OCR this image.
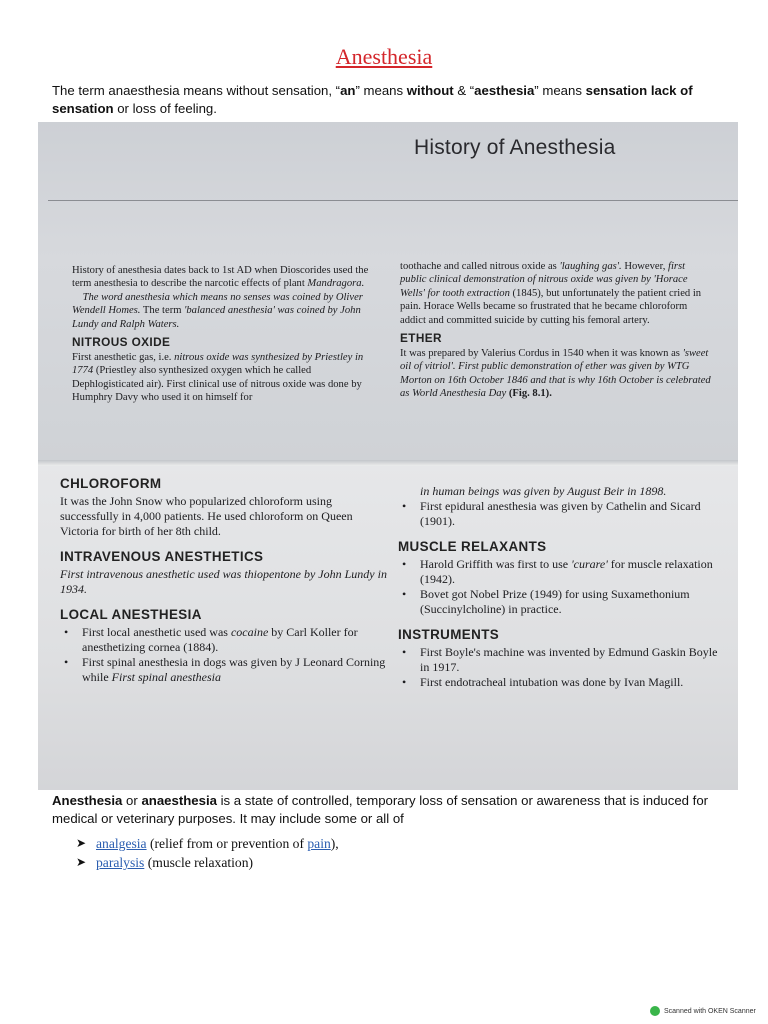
Anesthesia
The term anaesthesia means without sensation, “an” means without & “aesthesia” means sensation lack of sensation or loss of feeling.
History of Anesthesia

History of anesthesia dates back to 1st AD when Dioscorides used the term anesthesia to describe the narcotic effects of plant Mandragora.

The word anesthesia which means no senses was coined by Oliver Wendell Homes. The term 'balanced anesthesia' was coined by John Lundy and Ralph Waters.

NITROUS OXIDE

First anesthetic gas, i.e. nitrous oxide was synthesized by Priestley in 1774 (Priestley also synthesized oxygen which he called Dephlogisticated air). First clinical use of nitrous oxide was done by Humphry Davy who used it on himself for

toothache and called nitrous oxide as 'laughing gas'. However, first public clinical demonstration of nitrous oxide was given by 'Horace Wells' for tooth extraction (1845), but unfortunately the patient cried in pain. Horace Wells became so frustrated that he became chloroform addict and committed suicide by cutting his femoral artery.

ETHER

It was prepared by Valerius Cordus in 1540 when it was known as 'sweet oil of vitriol'. First public demonstration of ether was given by WTG Morton on 16th October 1846 and that is why 16th October is celebrated as World Anesthesia Day (Fig. 8.1).

CHLOROFORM

It was the John Snow who popularized chloroform using successfully in 4,000 patients. He used chloroform on Queen Victoria for birth of her 8th child.

INTRAVENOUS ANESTHETICS

First intravenous anesthetic used was thiopentone by John Lundy in 1934.

LOCAL ANESTHESIA
• First local anesthetic used was cocaine by Carl Koller for anesthetizing cornea (1884).
• First spinal anesthesia in dogs was given by J Leonard Corning while First spinal anesthesia

in human beings was given by August Beir in 1898.

• First epidural anesthesia was given by Cathelin and Sicard (1901).
MUSCLE RELAXANTS
• Harold Griffith was first to use 'curare' for muscle relaxation (1942).
• Bovet got Nobel Prize (1949) for using Suxamethonium (Succinylcholine) in practice.
INSTRUMENTS
• First Boyle's machine was invented by Edmund Gaskin Boyle in 1917.
• First endotracheal intubation was done by Ivan Magill.
Anesthesia or anaesthesia is a state of controlled, temporary loss of sensation or awareness that is induced for medical or veterinary purposes. It may include some or all of
➤ analgesia (relief from or prevention of pain),
➤ paralysis (muscle relaxation)
Scanned with OKEN Scanner
